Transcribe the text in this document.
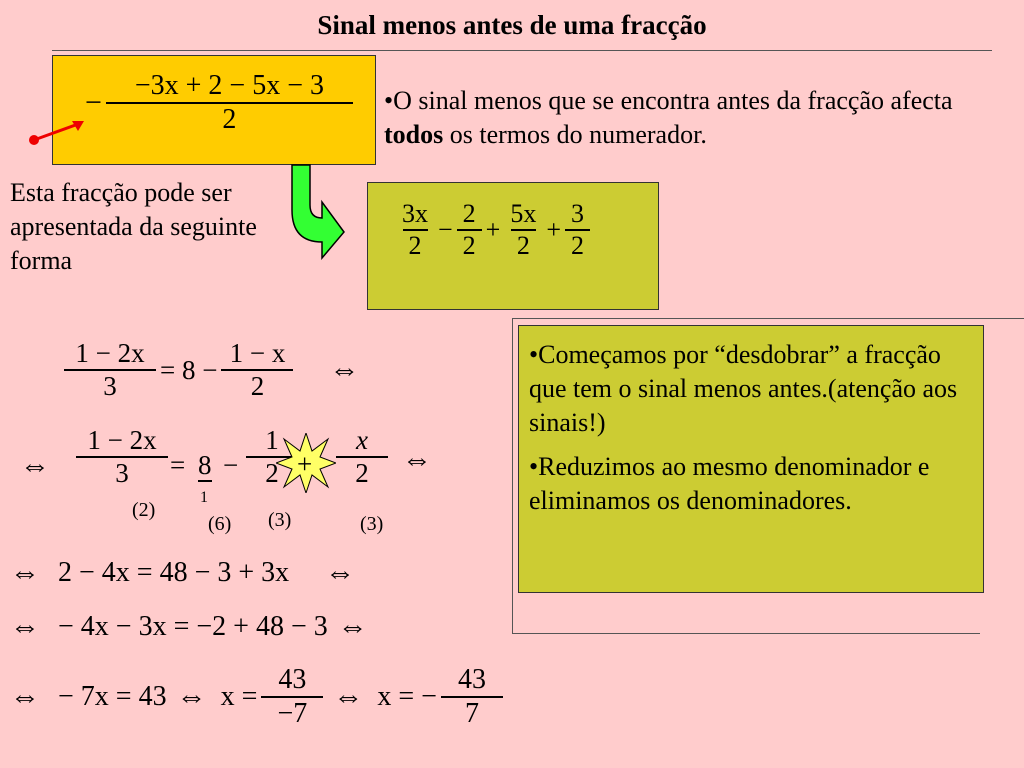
Sinal menos antes de uma fracção
− $\frac{-3x + 2 - 5x - 3}{2}$ •O sinal menos que se encontra antes da fracção afecta todos os termos do numerador.
Esta fracção pode ser apresentada da seguinte forma	$\frac{3x}{2} - \frac{2}{2} + \frac{5x}{2} + \frac{3}{2}$
$\frac{1 - 2x}{3} = 8 - \frac{1 - x}{2}$ ⇔
⇔ $\frac{1 - 2x}{3} = 8 - \frac{1}{2} + \frac{x}{2}$ ⇔
(2)
1
(6) (3)	(3)
⇔ 2 − 4x = 48 − 3 + 3x ⇔
⇔ − 4x − 3x = −2 + 48 − 3 ⇔
⇔ − 7x = 43 ⇔ $x = \frac{43}{-7}$ ⇔ x = − $\frac{43}{7}$
•Começamos por “desdobrar” a fracção que tem o sinal menos antes.(atenção aos sinais!)
•Reduzimos ao mesmo denominador e eliminamos os denominadores.
